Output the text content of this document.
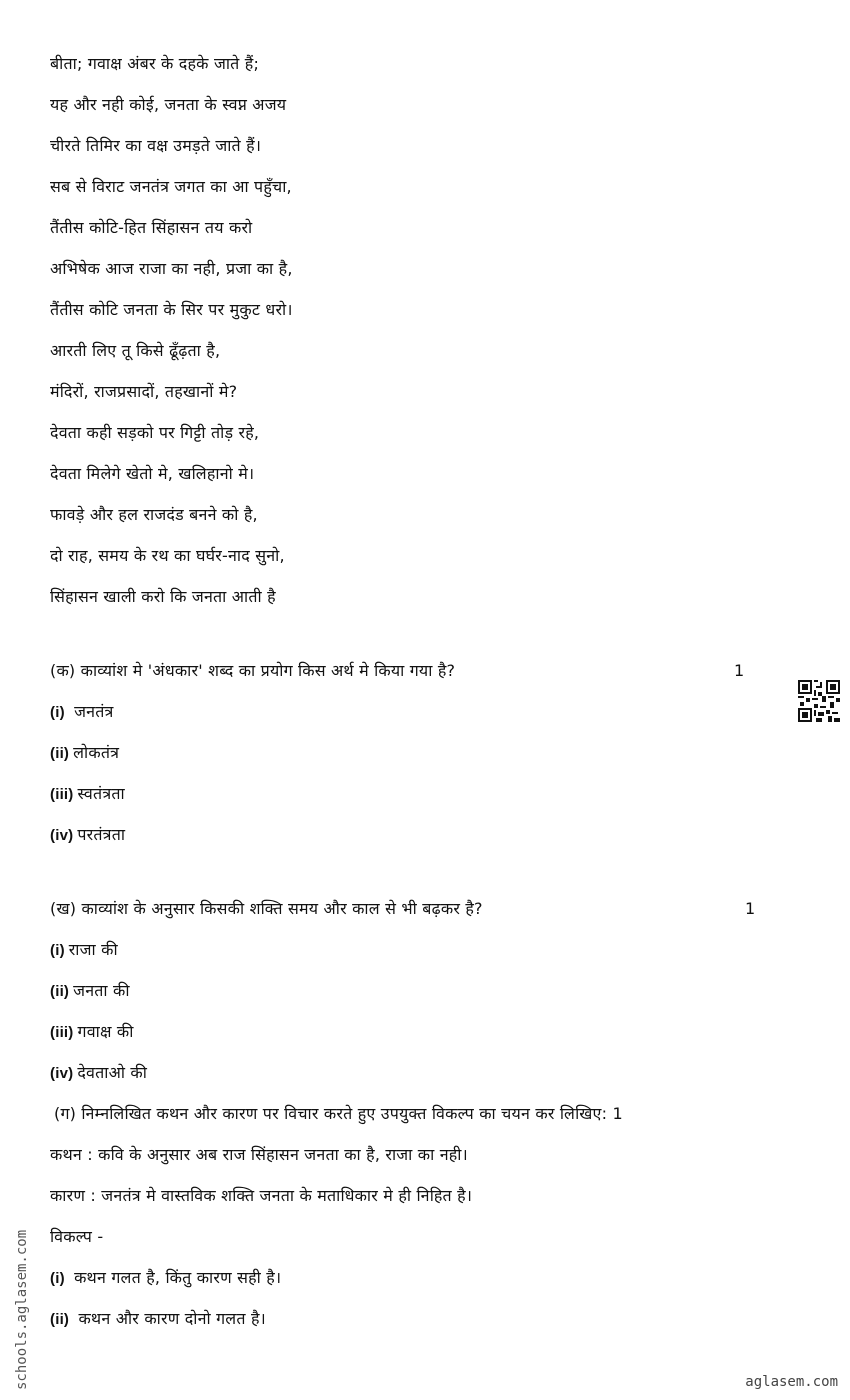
बीता; गवाक्ष अंबर के दहके जाते हैं;
यह और नही कोई, जनता के स्वप्न अजय
चीरते तिमिर का वक्ष उमड़ते जाते हैं।
सब से विराट जनतंत्र जगत का आ पहुँचा,
तैंतीस कोटि-हित सिंहासन तय करो
अभिषेक आज राजा का नही, प्रजा का है,
तैंतीस कोटि जनता के सिर पर मुकुट धरो।
आरती लिए तू किसे ढूँढ़ता है,
मंदिरों, राजप्रसादों, तहखानों मे?
देवता कही सड़को पर गिट्टी तोड़ रहे,
देवता मिलेगे खेतो मे, खलिहानो मे।
फावड़े और हल राजदंड बनने को है,
दो राह, समय के रथ का घर्घर-नाद सुनो,
सिंहासन खाली करो कि जनता आती है
(क) काव्यांश मे 'अंधकार' शब्द का प्रयोग किस अर्थ मे किया गया है?	1
(i) जनतंत्र
(ii) लोकतंत्र
(iii) स्वतंत्रता
(iv) परतंत्रता
(ख) काव्यांश के अनुसार किसकी शक्ति समय और काल से भी बढ़कर है?	1
(i) राजा की
(ii) जनता की
(iii) गवाक्ष की
(iv) देवताओ की
(ग) निम्नलिखित कथन और कारण पर विचार करते हुए उपयुक्त विकल्प का चयन कर लिखिए: 1
कथन : कवि के अनुसार अब राज सिंहासन जनता का है, राजा का नही।
कारण : जनतंत्र मे वास्तविक शक्ति जनता के मताधिकार मे ही निहित है।
विकल्प -
(i) कथन गलत है, किंतु कारण सही है।
(ii) कथन और कारण दोनो गलत है।
schools.aglasem.com	aglasem.com
